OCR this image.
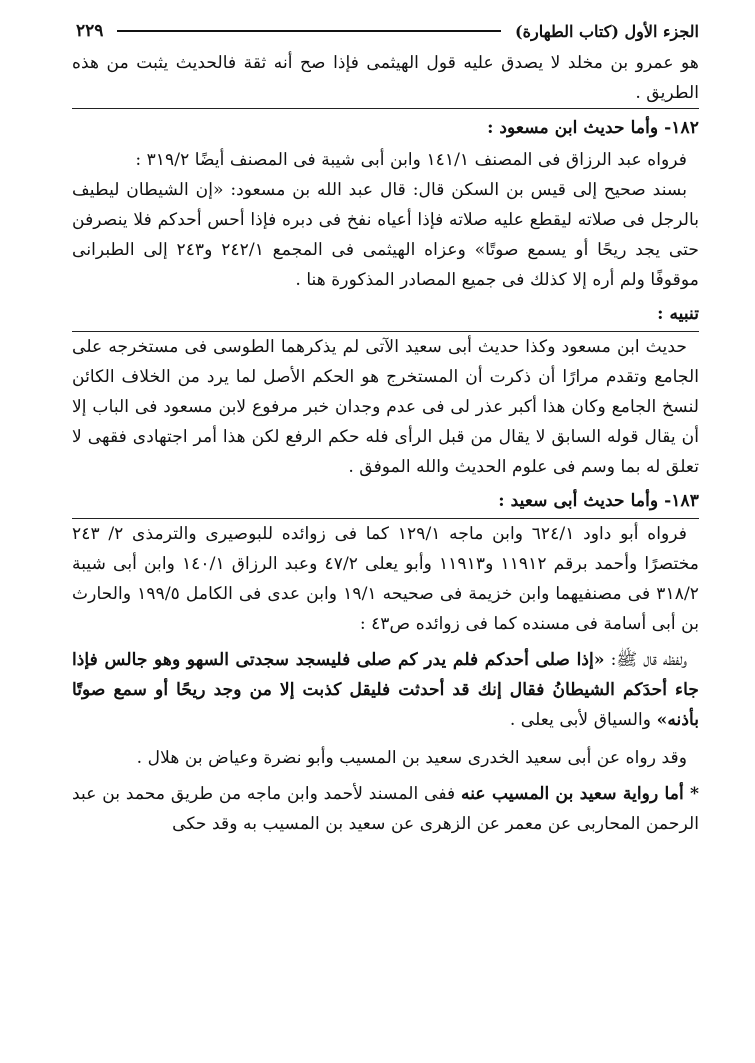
الجزء الأول (كتاب الطهارة)
٢٢٩

هو عمرو بن مخلد لا يصدق عليه قول الهيثمى فإذا صح أنه ثقة فالحديث يثبت من هذه الطريق .

١٨٢- وأما حديث ابن مسعود :

فرواه عبد الرزاق فى المصنف ١٤١/١ وابن أبى شيبة فى المصنف أيضًا ٣١٩/٢ :

بسند صحيح إلى قيس بن السكن قال: قال عبد الله بن مسعود: «إن الشيطان ليطيف بالرجل فى صلاته ليقطع عليه صلاته فإذا أعياه نفخ فى دبره فإذا أحس أحدكم فلا ينصرفن حتى يجد ريحًا أو يسمع صوتًا» وعزاه الهيثمى فى المجمع ٢٤٢/١ و٢٤٣ إلى الطبرانى موقوفًا ولم أره إلا كذلك فى جميع المصادر المذكورة هنا .

تنبيه :

حديث ابن مسعود وكذا حديث أبى سعيد الآتى لم يذكرهما الطوسى فى مستخرجه على الجامع وتقدم مرارًا أن ذكرت أن المستخرج هو الحكم الأصل لما يرد من الخلاف الكائن لنسخ الجامع وكان هذا أكبر عذر لى فى عدم وجدان خبر مرفوع لابن مسعود فى الباب إلا أن يقال قوله السابق لا يقال من قبل الرأى فله حكم الرفع لكن هذا أمر اجتهادى فقهى لا تعلق له بما وسم فى علوم الحديث والله الموفق .

١٨٣- وأما حديث أبى سعيد :

فرواه أبو داود ٦٢٤/١ وابن ماجه ١٢٩/١ كما فى زوائده للبوصيرى والترمذى ٢/ ٢٤٣ مختصرًا وأحمد برقم ١١٩١٢ و١١٩١٣ وأبو يعلى ٤٧/٢ وعبد الرزاق ١٤٠/١ وابن أبى شيبة ٣١٨/٢ فى مصنفيهما وابن خزيمة فى صحيحه ١٩/١ وابن عدى فى الكامل ١٩٩/٥ والحارث بن أبى أسامة فى مسنده كما فى زوائده ص٤٣ :

ولفظه قال ﷺ: «إذا صلى أحدكم فلم يدر كم صلى فليسجد سجدتى السهو وهو جالس فإذا جاء أحدَكم الشيطانُ فقال إنك قد أحدثت فليقل كذبت إلا من وجد ريحًا أو سمع صوتًا بأذنه» والسياق لأبى يعلى .

وقد رواه عن أبى سعيد الخدرى سعيد بن المسيب وأبو نضرة وعياض بن هلال .

* أما رواية سعيد بن المسيب عنه ففى المسند لأحمد وابن ماجه من طريق محمد بن عبد الرحمن المحاربى عن معمر عن الزهرى عن سعيد بن المسيب به وقد حكى
